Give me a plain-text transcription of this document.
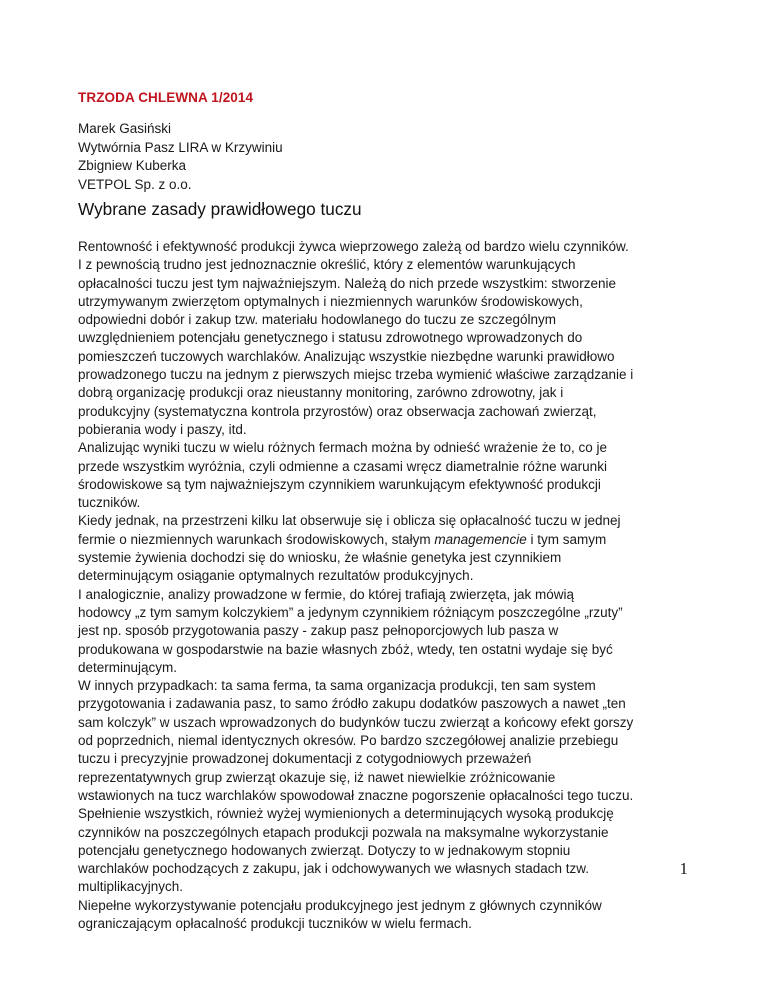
TRZODA CHLEWNA 1/2014

Marek Gasiński
Wytwórnia Pasz LIRA w Krzywiniu
Zbigniew Kuberka
VETPOL Sp. z o.o.
Wybrane zasady prawidłowego tuczu

Rentowność i efektywność produkcji żywca wieprzowego zależą od bardzo wielu czynników.
I z pewnością trudno jest jednoznacznie określić, który z elementów warunkujących
opłacalności tuczu jest tym najważniejszym. Należą do nich przede wszystkim: stworzenie
utrzymywanym zwierzętom optymalnych i niezmiennych warunków środowiskowych,
odpowiedni dobór i zakup tzw. materiału hodowlanego do tuczu ze szczególnym
uwzględnieniem potencjału genetycznego i statusu zdrowotnego wprowadzonych do
pomieszczeń tuczowych warchlaków. Analizując wszystkie niezbędne warunki prawidłowo
prowadzonego tuczu na jednym z pierwszych miejsc trzeba wymienić właściwe zarządzanie i
dobrą organizację produkcji oraz nieustanny monitoring, zarówno zdrowotny, jak i
produkcyjny (systematyczna kontrola przyrostów) oraz obserwacja zachowań zwierząt,
pobierania wody i paszy, itd.

Analizując wyniki tuczu w wielu różnych fermach można by odnieść wrażenie że to, co je
przede wszystkim wyróżnia, czyli odmienne a czasami wręcz diametralnie różne warunki
środowiskowe są tym najważniejszym czynnikiem warunkującym efektywność produkcji
tuczników.

Kiedy jednak, na przestrzeni kilku lat obserwuje się i oblicza się opłacalność tuczu w jednej
fermie o niezmiennych warunkach środowiskowych, stałym managemencie i tym samym
systemie żywienia dochodzi się do wniosku, że właśnie genetyka jest czynnikiem
determinującym osiąganie optymalnych rezultatów produkcyjnych.

I analogicznie, analizy prowadzone w fermie, do której trafiają zwierzęta, jak mówią
hodowcy „z tym samym kolczykiem” a jedynym czynnikiem różniącym poszczególne „rzuty”
jest np. sposób przygotowania paszy - zakup pasz pełnoporcjowych lub pasza w
produkowana w gospodarstwie na bazie własnych zbóż, wtedy, ten ostatni wydaje się być
determinującym.

W innych przypadkach: ta sama ferma, ta sama organizacja produkcji, ten sam system
przygotowania i zadawania pasz, to samo źródło zakupu dodatków paszowych a nawet „ten
sam kolczyk” w uszach wprowadzonych do budynków tuczu zwierząt a końcowy efekt gorszy
od poprzednich, niemal identycznych okresów. Po bardzo szczegółowej analizie przebiegu
tuczu i precyzyjnie prowadzonej dokumentacji z cotygodniowych przeważeń
reprezentatywnych grup zwierząt okazuje się, iż nawet niewielkie zróżnicowanie
wstawionych na tucz warchlaków spowodował znaczne pogorszenie opłacalności tego tuczu.

Spełnienie wszystkich, również wyżej wymienionych a determinujących wysoką produkcję
czynników na poszczególnych etapach produkcji pozwala na maksymalne wykorzystanie
potencjału genetycznego hodowanych zwierząt. Dotyczy to w jednakowym stopniu
warchlaków pochodzących z zakupu, jak i odchowywanych we własnych stadach tzw.
multiplikacyjnych.

Niepełne wykorzystywanie potencjału produkcyjnego jest jednym z głównych czynników
ograniczającym opłacalność produkcji tuczników w wielu fermach.

1
